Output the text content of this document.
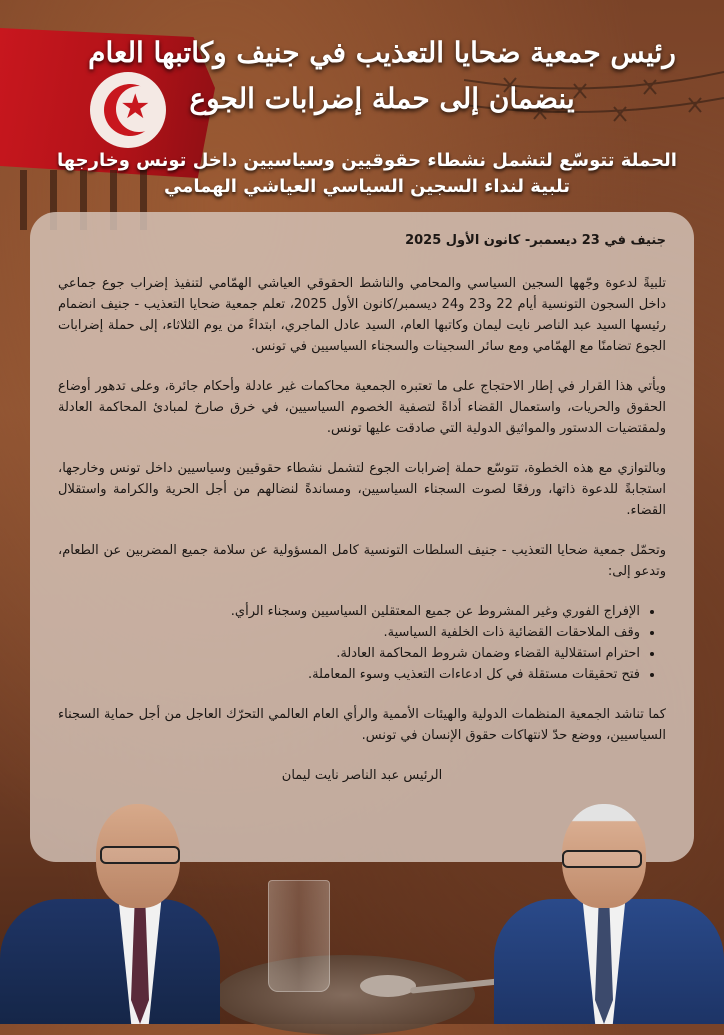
★
رئيس جمعية ضحايا التعذيب في جنيف وكاتبها العام
ينضمان إلى حملة إضرابات الجوع
الحملة تتوسّع لتشمل نشطاء حقوقيين وسياسيين داخل تونس وخارجها
تلبية لنداء السجين السياسي العياشي الهمامي

جنيف في 23 ديسمبر- كانون الأول 2025

تلبيةً لدعوة وجّهها السجين السياسي والمحامي والناشط الحقوقي العياشي الهمّامي لتنفيذ إضراب جوع جماعي داخل السجون التونسية أيام 22 و23 و24 ديسمبر/كانون الأول 2025، تعلم جمعية ضحايا التعذيب - جنيف انضمام رئيسها السيد عبد الناصر نايت ليمان وكاتبها العام، السيد عادل الماجري، ابتداءً من يوم الثلاثاء، إلى حملة إضرابات الجوع تضامنًا مع الهمّامي ومع سائر السجينات والسجناء السياسيين في تونس.

ويأتي هذا القرار في إطار الاحتجاج على ما تعتبره الجمعية محاكمات غير عادلة وأحكام جائرة، وعلى تدهور أوضاع الحقوق والحريات، واستعمال القضاء أداةً لتصفية الخصوم السياسيين، في خرق صارخ لمبادئ المحاكمة العادلة ولمقتضيات الدستور والمواثيق الدولية التي صادقت عليها تونس.

وبالتوازي مع هذه الخطوة، تتوسّع حملة إضرابات الجوع لتشمل نشطاء حقوقيين وسياسيين داخل تونس وخارجها، استجابةً للدعوة ذاتها، ورفعًا لصوت السجناء السياسيين، ومساندةً لنضالهم من أجل الحرية والكرامة واستقلال القضاء.

وتحمّل جمعية ضحايا التعذيب - جنيف السلطات التونسية كامل المسؤولية عن سلامة جميع المضربين عن الطعام، وتدعو إلى:

• الإفراج الفوري وغير المشروط عن جميع المعتقلين السياسيين وسجناء الرأي.
• وقف الملاحقات القضائية ذات الخلفية السياسية.
• احترام استقلالية القضاء وضمان شروط المحاكمة العادلة.
• فتح تحقيقات مستقلة في كل ادعاءات التعذيب وسوء المعاملة.

كما تناشد الجمعية المنظمات الدولية والهيئات الأممية والرأي العام العالمي التحرّك العاجل من أجل حماية السجناء السياسيين، ووضع حدّ لانتهاكات حقوق الإنسان في تونس.

الرئيس عبد الناصر نايت ليمان
